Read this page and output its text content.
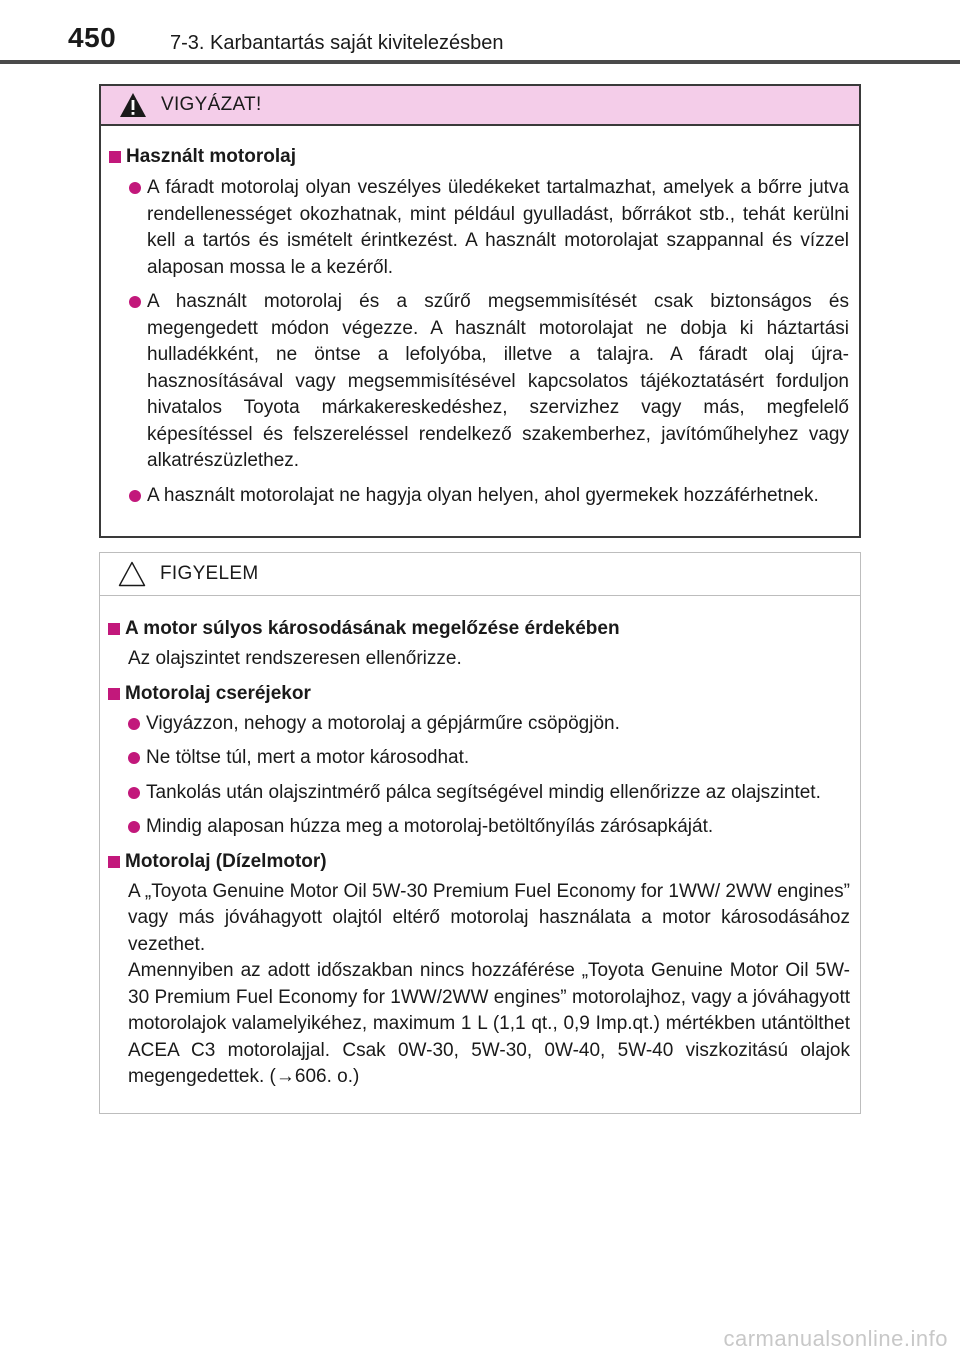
450	7-3. Karbantartás saját kivitelezésben
VIGYÁZAT!
Használt motorolaj
A fáradt motorolaj olyan veszélyes üledékeket tartalmazhat, amelyek a bőrre jutva rendellenességet okozhatnak, mint például gyulladást, bőrrákot stb., tehát kerülni kell a tartós és ismételt érintkezést. A használt motorolajat szappannal és vízzel alaposan mossa le a kezéről.
A használt motorolaj és a szűrő megsemmisítését csak biztonságos és megengedett módon végezze. A használt motorolajat ne dobja ki háztartási hulladékként, ne öntse a lefolyóba, illetve a talajra. A fáradt olaj újrahasznosításával vagy megsemmisítésével kapcsolatos tájékoztatásért forduljon hivatalos Toyota márkakereskedéshez, szervizhez vagy más, megfelelő képesítéssel és felszereléssel rendelkező szakemberhez, javítóműhelyhez vagy alkatrészüzlethez.
A használt motorolajat ne hagyja olyan helyen, ahol gyermekek hozzáférhetnek.
FIGYELEM
A motor súlyos károsodásának megelőzése érdekében
Az olajszintet rendszeresen ellenőrizze.
Motorolaj cseréjekor
Vigyázzon, nehogy a motorolaj a gépjárműre csöpögjön.
Ne töltse túl, mert a motor károsodhat.
Tankolás után olajszintmérő pálca segítségével mindig ellenőrizze az olajszintet.
Mindig alaposan húzza meg a motorolaj-betöltőnyílás zárósapkáját.
Motorolaj (Dízelmotor)
A „Toyota Genuine Motor Oil 5W-30 Premium Fuel Economy for 1WW/ 2WW engines” vagy más jóváhagyott olajtól eltérő motorolaj használata a motor károsodásához vezethet.
Amennyiben az adott időszakban nincs hozzáférése „Toyota Genuine Motor Oil 5W-30 Premium Fuel Economy for 1WW/2WW engines” motorolajhoz, vagy a jóváhagyott motorolajok valamelyikéhez, maximum 1 L (1,1 qt., 0,9 Imp.qt.) mértékben utántölthet ACEA C3 motorolajjal. Csak 0W-30, 5W-30, 0W-40, 5W-40 viszkozitású olajok megengedettek. (→606. o.)
carmanualsonline.info
